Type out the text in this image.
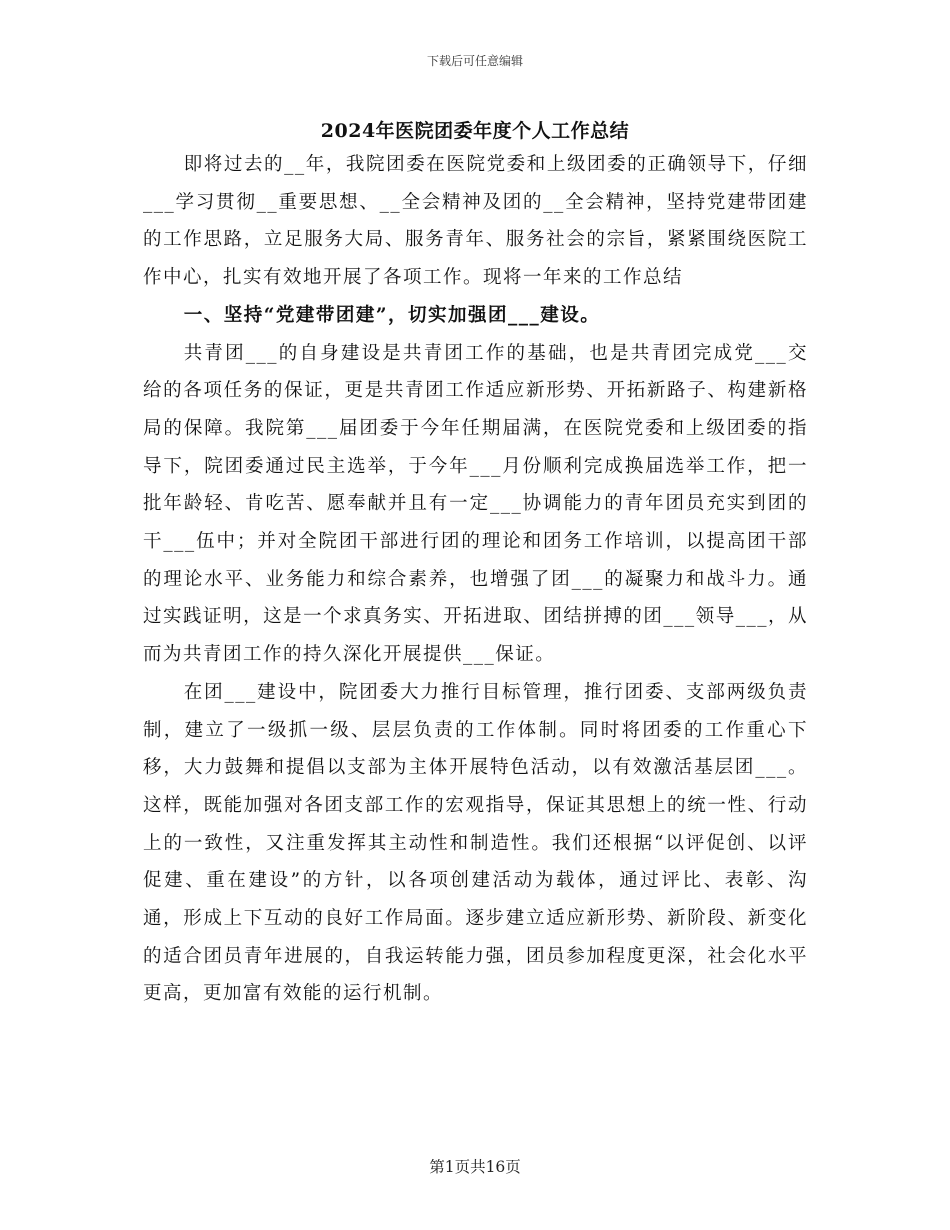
下载后可任意编辑
2024年医院团委年度个人工作总结

即将过去的__年，我院团委在医院党委和上级团委的正确领导下，仔细___学习贯彻__重要思想、__全会精神及团的__全会精神，坚持党建带团建的工作思路，立足服务大局、服务青年、服务社会的宗旨，紧紧围绕医院工作中心，扎实有效地开展了各项工作。现将一年来的工作总结

一、坚持“党建带团建”，切实加强团___建设。

共青团___的自身建设是共青团工作的基础，也是共青团完成党___交给的各项任务的保证，更是共青团工作适应新形势、开拓新路子、构建新格局的保障。我院第___届团委于今年任期届满，在医院党委和上级团委的指导下，院团委通过民主选举，于今年___月份顺利完成换届选举工作，把一批年龄轻、肯吃苦、愿奉献并且有一定___协调能力的青年团员充实到团的干___伍中；并对全院团干部进行团的理论和团务工作培训，以提高团干部的理论水平、业务能力和综合素养，也增强了团___的凝聚力和战斗力。通过实践证明，这是一个求真务实、开拓进取、团结拼搏的团___领导___，从而为共青团工作的持久深化开展提供___保证。

在团___建设中，院团委大力推行目标管理，推行团委、支部两级负责制，建立了一级抓一级、层层负责的工作体制。同时将团委的工作重心下移，大力鼓舞和提倡以支部为主体开展特色活动，以有效激活基层团___。这样，既能加强对各团支部工作的宏观指导，保证其思想上的统一性、行动上的一致性，又注重发挥其主动性和制造性。我们还根据“以评促创、以评促建、重在建设”的方针，以各项创建活动为载体，通过评比、表彰、沟通，形成上下互动的良好工作局面。逐步建立适应新形势、新阶段、新变化的适合团员青年进展的，自我运转能力强，团员参加程度更深，社会化水平更高，更加富有效能的运行机制。

第1页共16页
